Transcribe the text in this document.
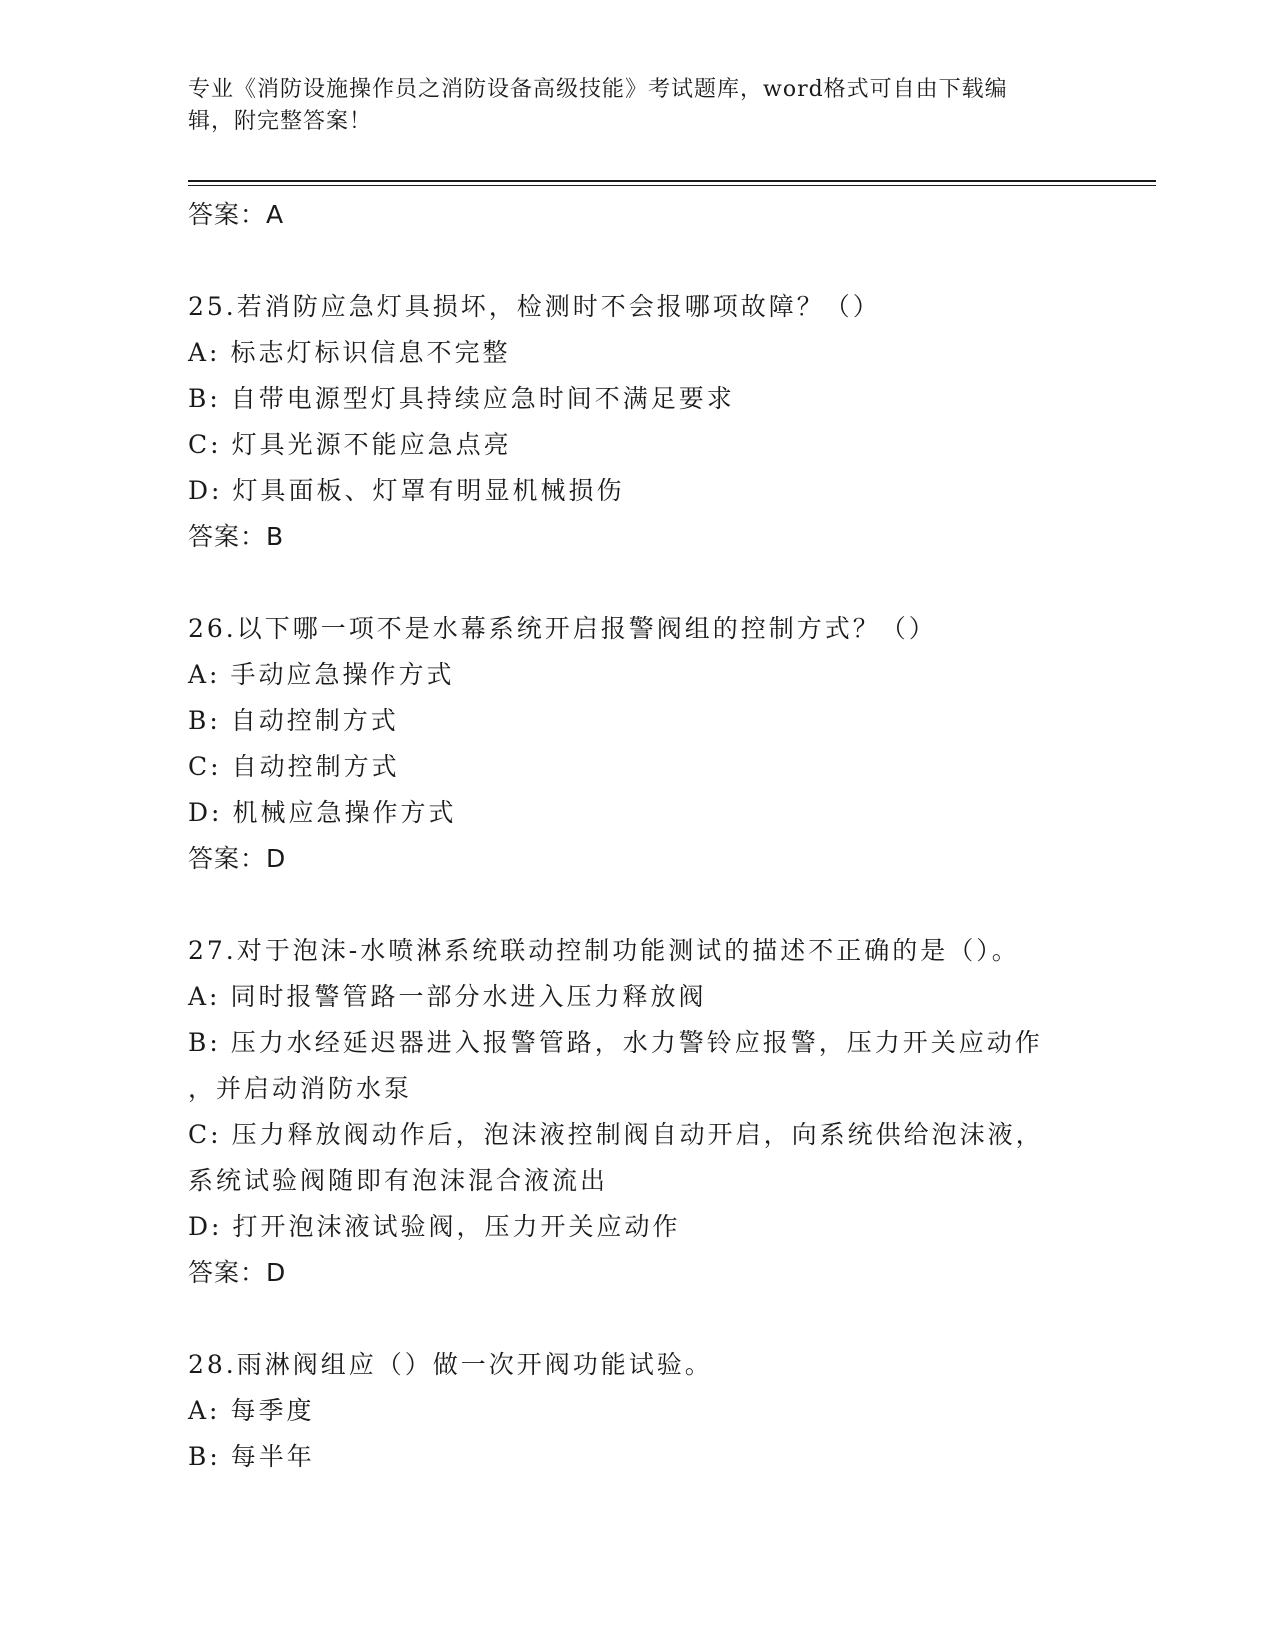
专业《消防设施操作员之消防设备高级技能》考试题库，word格式可自由下载编
辑，附完整答案！
答案：A
25.若消防应急灯具损坏，检测时不会报哪项故障？（）
A: 标志灯标识信息不完整
B: 自带电源型灯具持续应急时间不满足要求
C: 灯具光源不能应急点亮
D: 灯具面板、灯罩有明显机械损伤
答案：B
26.以下哪一项不是水幕系统开启报警阀组的控制方式？（）
A: 手动应急操作方式
B: 自动控制方式
C: 自动控制方式
D: 机械应急操作方式
答案：D
27.对于泡沫-水喷淋系统联动控制功能测试的描述不正确的是（）。
A: 同时报警管路一部分水进入压力释放阀
B: 压力水经延迟器进入报警管路，水力警铃应报警，压力开关应动作
，并启动消防水泵
C: 压力释放阀动作后，泡沫液控制阀自动开启，向系统供给泡沫液，
系统试验阀随即有泡沫混合液流出
D: 打开泡沫液试验阀，压力开关应动作
答案：D
28.雨淋阀组应（）做一次开阀功能试验。
A: 每季度
B: 每半年
